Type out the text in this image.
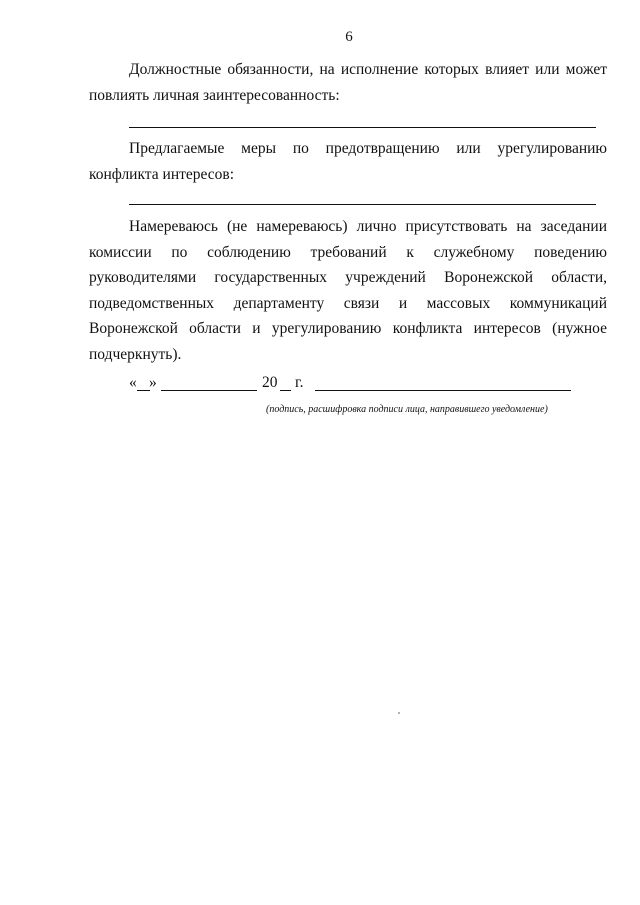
6
Должностные обязанности, на исполнение которых влияет или может повлиять личная заинтересованность:
Предлагаемые меры по предотвращению или урегулированию конфликта интересов:
Намереваюсь (не намереваюсь) лично присутствовать на заседании комиссии по соблюдению требований к служебному поведению руководителями государственных учреждений Воронежской области, подведомственных департаменту связи и массовых коммуникаций Воронежской области и урегулированию конфликта интересов (нужное подчеркнуть).
« »	20 г.
(подпись, расшифровка подписи лица, направившего уведомление)
